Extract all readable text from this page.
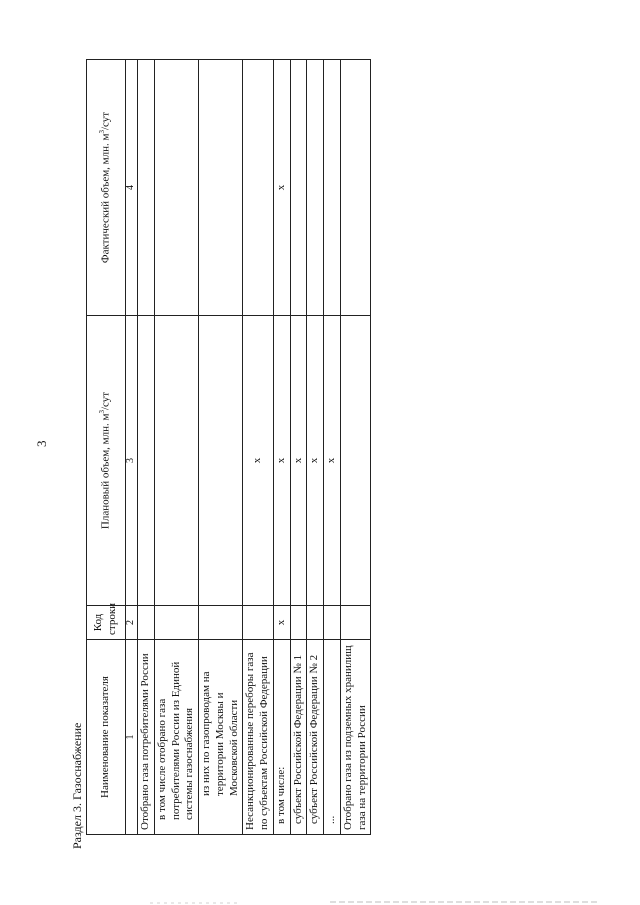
3
Раздел 3. Газоснабжение Наименование показателя	Код строки	Плановый объем, млн. $м^3$/сут	Фактический объем, млн. $м^3$/сут
1	2	3	4
Отобрано газа потребителями России			
в том числе отобрано газа потребителями России из Единой системы газоснабжения			
из них по газопроводам на территории Москвы и Московской области			
Несанкционированные переборы газа по субъектам Российской Федерации		x	
в том числе:	x	x	x
субъект Российской Федерации № 1		x	
субъект Российской Федерации № 2		x	
...		x	
Отобрано газа из подземных хранилищ газа на территории России			
